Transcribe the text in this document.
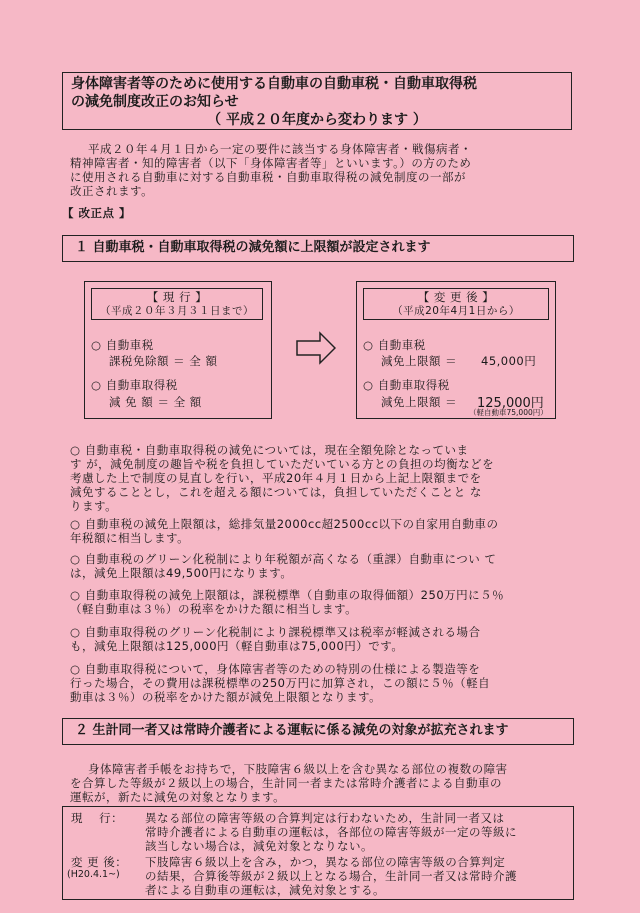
身体障害者等のために使用する自動車の自動車税・自動車取得税
の減免制度改正のお知らせ
（ 平成２０年度から変わります ）
平成２０年４月１日から一定の要件に該当する身体障害者・戦傷病者・
精神障害者・知的障害者（以下「身体障害者等」といいます。）の方のため
に使用される自動車に対する自動車税・自動車取得税の減免制度の一部が
改正されます。
【 改正点 】
１ 自動車税・自動車取得税の減免額に上限額が設定されます
【 現 行 】
（平成２０年３月３１日まで）
○ 自動車税
課税免除額 ＝ 全 額
○ 自動車取得税
減 免 額 ＝ 全 額
【 変 更 後 】
（平成20年4月1日から）
○ 自動車税
減免上限額 ＝ 45,000円
○ 自動車取得税
減免上限額 ＝ 125,000円
（軽自動車75,000円）
○ 自動車税・自動車取得税の減免については，現在全額免除となっていま
す が，減免制度の趣旨や税を負担していただいている方との負担の均衡などを
考慮した上で制度の見直しを行い，平成20年４月１日から上記上限額までを
減免することとし，これを超える額については，負担していただくことと な
ります。
○ 自動車税の減免上限額は，総排気量2000cc超2500cc以下の自家用自動車の
年税額に相当します。
○ 自動車税のグリーン化税制により年税額が高くなる（重課）自動車につい て
は，減免上限額は49,500円になります。
○ 自動車取得税の減免上限額は，課税標準（自動車の取得価額）250万円に５％
（軽自動車は３％）の税率をかけた額に相当します。
○ 自動車取得税のグリーン化税制により課税標準又は税率が軽減される場合
も，減免上限額は125,000円（軽自動車は75,000円）です。
○ 自動車取得税について，身体障害者等のための特別の仕様による製造等を
行った場合，その費用は課税標準の250万円に加算され，この額に５％（軽自
動車は３％）の税率をかけた額が減免上限額となります。
２ 生計同一者又は常時介護者による運転に係る減免の対象が拡充されます
身体障害者手帳をお持ちで，下肢障害６級以上を含む異なる部位の複数の障害
を合算した等級が２級以上の場合，生計同一者または常時介護者による自動車の
運転が，新たに減免の対象となります。
現　 行： 異なる部位の障害等級の合算判定は行わないため，生計同一者又は
常時介護者による自動車の運転は，各部位の障害等級が一定の等級に
該当しない場合は，減免対象となりない。
変 更 後：
(H20.4.1~)
下肢障害６級以上を含み，かつ，異なる部位の障害等級の合算判定
の結果，合算後等級が２級以上となる場合，生計同一者又は常時介護
者による自動車の運転は，減免対象とする。
